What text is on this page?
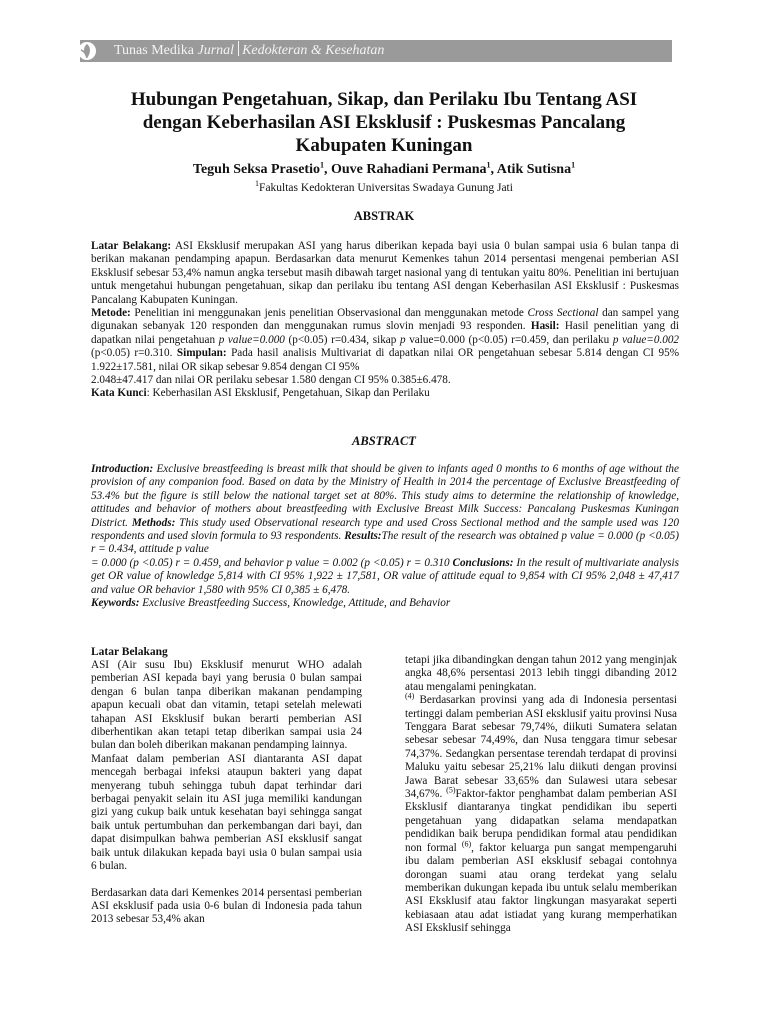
Tunas Medika Jurnal Kedokteran & Kesehatan
Hubungan Pengetahuan, Sikap, dan Perilaku Ibu Tentang ASI
dengan Keberhasilan ASI Eksklusif : Puskesmas Pancalang
Kabupaten Kuningan
Teguh Seksa Prasetio$^1$, Ouve Rahadiani Permana$^1$, Atik Sutisna$^1$
$^1$Fakultas Kedokteran Universitas Swadaya Gunung Jati
ABSTRAK

Latar Belakang: ASI Eksklusif merupakan ASI yang harus diberikan kepada bayi usia 0 bulan sampai usia 6 bulan tanpa di berikan makanan pendamping apapun. Berdasarkan data menurut Kemenkes tahun 2014 persentasi mengenai pemberian ASI Eksklusif sebesar 53,4% namun angka tersebut masih dibawah target nasional yang di tentukan yaitu 80%. Penelitian ini bertujuan untuk mengetahui hubungan pengetahuan, sikap dan perilaku ibu tentang ASI dengan Keberhasilan ASI Eksklusif : Puskesmas Pancalang Kabupaten Kuningan.

Metode: Penelitian ini menggunakan jenis penelitian Observasional dan menggunakan metode Cross Sectional dan sampel yang digunakan sebanyak 120 responden dan menggunakan rumus slovin menjadi 93 responden. Hasil: Hasil penelitian yang di dapatkan nilai pengetahuan p value=0.000 (p<0.05) r=0.434, sikap p value=0.000 (p<0.05) r=0.459, dan perilaku p value=0.002 (p<0.05) r=0.310. Simpulan: Pada hasil analisis Multivariat di dapatkan nilai OR pengetahuan sebesar 5.814 dengan CI 95% 1.922±17.581, nilai OR sikap sebesar 9.854 dengan CI 95%

2.048±47.417 dan nilai OR perilaku sebesar 1.580 dengan CI 95% 0.385±6.478.

Kata Kunci: Keberhasilan ASI Eksklusif, Pengetahuan, Sikap dan Perilaku

ABSTRACT

Introduction: Exclusive breastfeeding is breast milk that should be given to infants aged 0 months to 6 months of age without the provision of any companion food. Based on data by the Ministry of Health in 2014 the percentage of Exclusive Breastfeeding of 53.4% but the figure is still below the national target set at 80%. This study aims to determine the relationship of knowledge, attitudes and behavior of mothers about breastfeeding with Exclusive Breast Milk Success: Pancalang Puskesmas Kuningan District. Methods: This study used Observational research type and used Cross Sectional method and the sample used was 120 respondents and used slovin formula to 93 respondents. Results:The result of the research was obtained p value = 0.000 (p <0.05) r = 0.434, attitude p value

= 0.000 (p <0.05) r = 0.459, and behavior p value = 0.002 (p <0.05) r = 0.310 Conclusions: In the result of multivariate analysis get OR value of knowledge 5,814 with CI 95% 1,922 ± 17,581, OR value of attitude equal to 9,854 with CI 95% 2,048 ± 47,417 and value OR behavior 1,580 with 95% CI 0,385 ± 6,478.

Keywords: Exclusive Breastfeeding Success, Knowledge, Attitude, and Behavior

Latar Belakang

ASI (Air susu Ibu) Eksklusif menurut WHO adalah pemberian ASI kepada bayi yang berusia 0 bulan sampai dengan 6 bulan tanpa diberikan makanan pendamping apapun kecuali obat dan vitamin, tetapi setelah melewati tahapan ASI Eksklusif bukan berarti pemberian ASI diberhentikan akan tetapi tetap diberikan sampai usia 24 bulan dan boleh diberikan makanan pendamping lainnya.

Manfaat dalam pemberian ASI diantaranta ASI dapat mencegah berbagai infeksi ataupun bakteri yang dapat menyerang tubuh sehingga tubuh dapat terhindar dari berbagai penyakit selain itu ASI juga memiliki kandungan gizi yang cukup baik untuk kesehatan bayi sehingga sangat baik untuk pertumbuhan dan perkembangan dari bayi, dan dapat disimpulkan bahwa pemberian ASI eksklusif sangat baik untuk dilakukan kepada bayi usia 0 bulan sampai usia 6 bulan.

Berdasarkan data dari Kemenkes 2014 persentasi pemberian ASI eksklusif pada usia 0-6 bulan di Indonesia pada tahun 2013 sebesar 53,4% akan

tetapi jika dibandingkan dengan tahun 2012 yang menginjak angka 48,6% persentasi 2013 lebih tinggi dibanding 2012 atau mengalami peningkatan.
$^{(4)}$ Berdasarkan provinsi yang ada di Indonesia persentasi tertinggi dalam pemberian ASI eksklusif yaitu provinsi Nusa Tenggara Barat sebesar 79,74%, diikuti Sumatera selatan sebesar sebesar 74,49%, dan Nusa tenggara timur sebesar 74,37%. Sedangkan persentase terendah terdapat di provinsi Maluku yaitu sebesar 25,21% lalu diikuti dengan provinsi Jawa Barat sebesar 33,65% dan Sulawesi utara sebesar 34,67%. $^{(5)}$Faktor-faktor penghambat dalam pemberian ASI Eksklusif diantaranya tingkat pendidikan ibu seperti pengetahuan yang didapatkan selama mendapatkan pendidikan baik berupa pendidikan formal atau pendidikan non formal $^{(6)}$, faktor keluarga pun sangat mempengaruhi ibu dalam pemberian ASI eksklusif sebagai contohnya dorongan suami atau orang terdekat yang selalu memberikan dukungan kepada ibu untuk selalu memberikan ASI Eksklusif atau faktor lingkungan masyarakat seperti kebiasaan atau adat istiadat yang kurang memperhatikan ASI Eksklusif sehingga
